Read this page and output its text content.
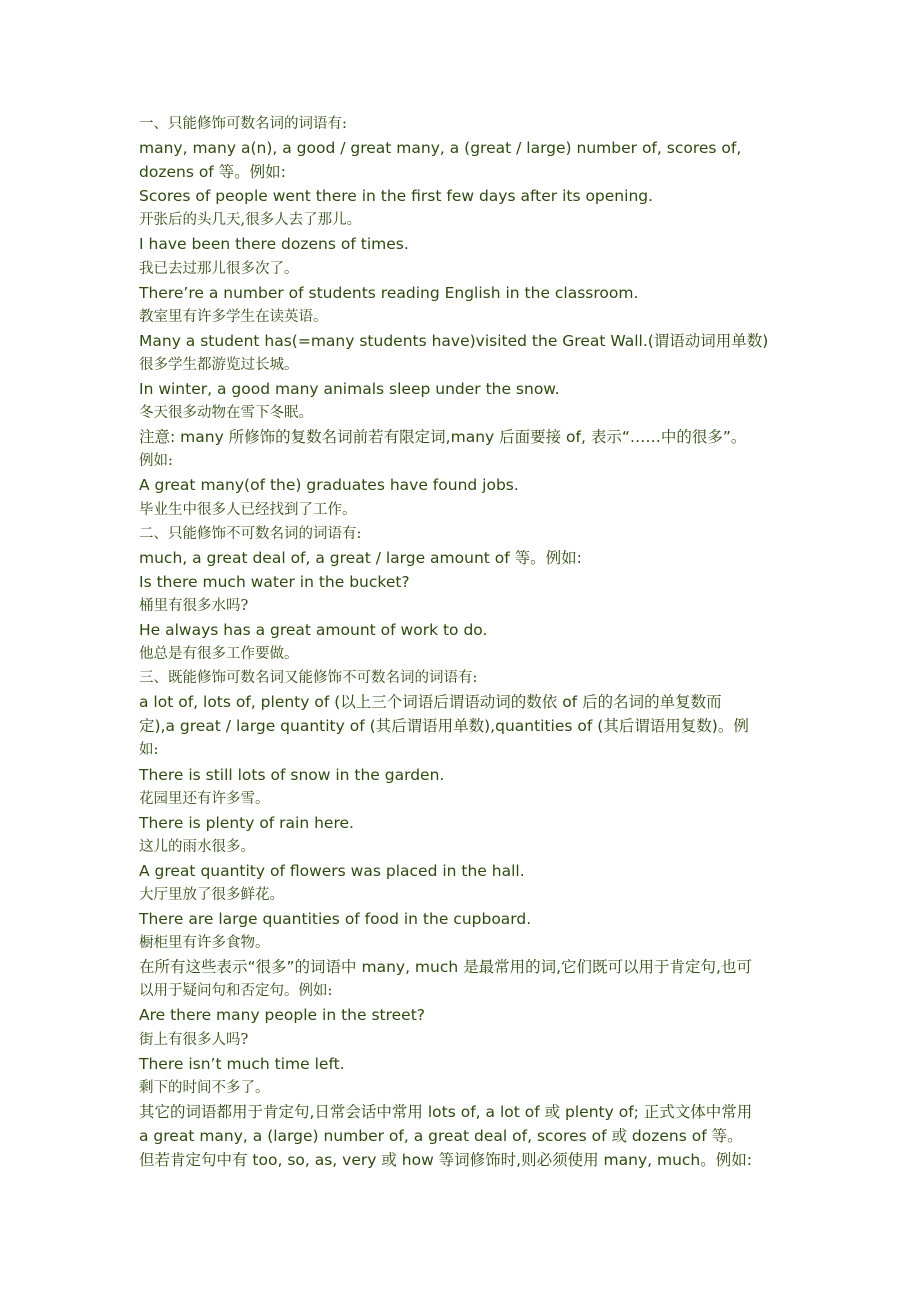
一、只能修饰可数名词的词语有:

many, many a(n), a good / great many, a (great / large) number of, scores of,

dozens of 等。例如:

Scores of people went there in the first few days after its opening.

开张后的头几天,很多人去了那儿。

I have been there dozens of times.

我已去过那儿很多次了。

There’re a number of students reading English in the classroom.

教室里有许多学生在读英语。

Many a student has(=many students have)visited the Great Wall.(谓语动词用单数)

很多学生都游览过长城。

In winter, a good many animals sleep under the snow.

冬天很多动物在雪下冬眠。

注意: many 所修饰的复数名词前若有限定词,many 后面要接 of, 表示“……中的很多”。

例如:

A great many(of the) graduates have found jobs.

毕业生中很多人已经找到了工作。

二、只能修饰不可数名词的词语有:

much, a great deal of, a great / large amount of 等。例如:

Is there much water in the bucket?

桶里有很多水吗?

He always has a great amount of work to do.

他总是有很多工作要做。

三、既能修饰可数名词又能修饰不可数名词的词语有:

a lot of, lots of, plenty of (以上三个词语后谓语动词的数依 of 后的名词的单复数而

定),a great / large quantity of (其后谓语用单数),quantities of (其后谓语用复数)。例

如:

There is still lots of snow in the garden.

花园里还有许多雪。

There is plenty of rain here.

这儿的雨水很多。

A great quantity of flowers was placed in the hall.

大厅里放了很多鲜花。

There are large quantities of food in the cupboard.

橱柜里有许多食物。

在所有这些表示“很多”的词语中 many, much 是最常用的词,它们既可以用于肯定句,也可

以用于疑问句和否定句。例如:

Are there many people in the street?

街上有很多人吗?

There isn’t much time left.

剩下的时间不多了。

其它的词语都用于肯定句,日常会话中常用 lots of, a lot of 或 plenty of; 正式文体中常用

a great many, a (large) number of, a great deal of, scores of 或 dozens of 等。

但若肯定句中有 too, so, as, very 或 how 等词修饰时,则必须使用 many, much。例如:
